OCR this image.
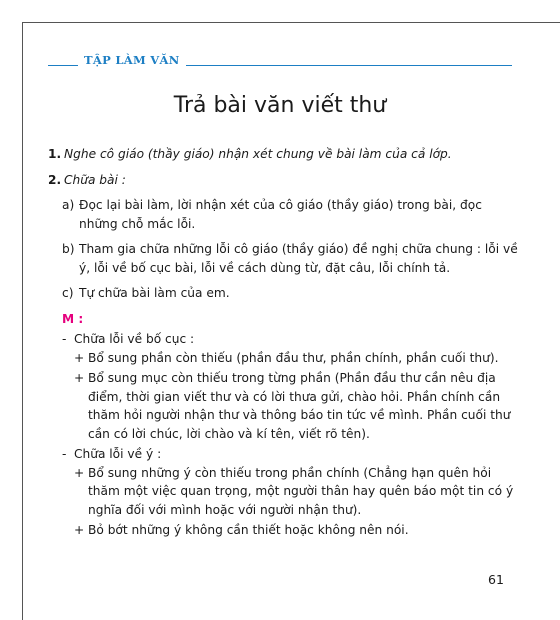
TẬP LÀM VĂN
Trả bài văn viết thư
1. Nghe cô giáo (thầy giáo) nhận xét chung về bài làm của cả lớp.
2. Chữa bài :
a) Đọc lại bài làm, lời nhận xét của cô giáo (thầy giáo) trong bài, đọc những chỗ mắc lỗi.
b) Tham gia chữa những lỗi cô giáo (thầy giáo) đề nghị chữa chung : lỗi về ý, lỗi về bố cục bài, lỗi về cách dùng từ, đặt câu, lỗi chính tả.
c) Tự chữa bài làm của em.
M :
- Chữa lỗi về bố cục :
+ Bổ sung phần còn thiếu (phần đầu thư, phần chính, phần cuối thư).
+ Bổ sung mục còn thiếu trong từng phần (Phần đầu thư cần nêu địa điểm, thời gian viết thư và có lời thưa gửi, chào hỏi. Phần chính cần thăm hỏi người nhận thư và thông báo tin tức về mình. Phần cuối thư cần có lời chúc, lời chào và kí tên, viết rõ tên).
- Chữa lỗi về ý :
+ Bổ sung những ý còn thiếu trong phần chính (Chẳng hạn quên hỏi thăm một việc quan trọng, một người thân hay quên báo một tin có ý nghĩa đối với mình hoặc với người nhận thư).
+ Bỏ bớt những ý không cần thiết hoặc không nên nói.
61
